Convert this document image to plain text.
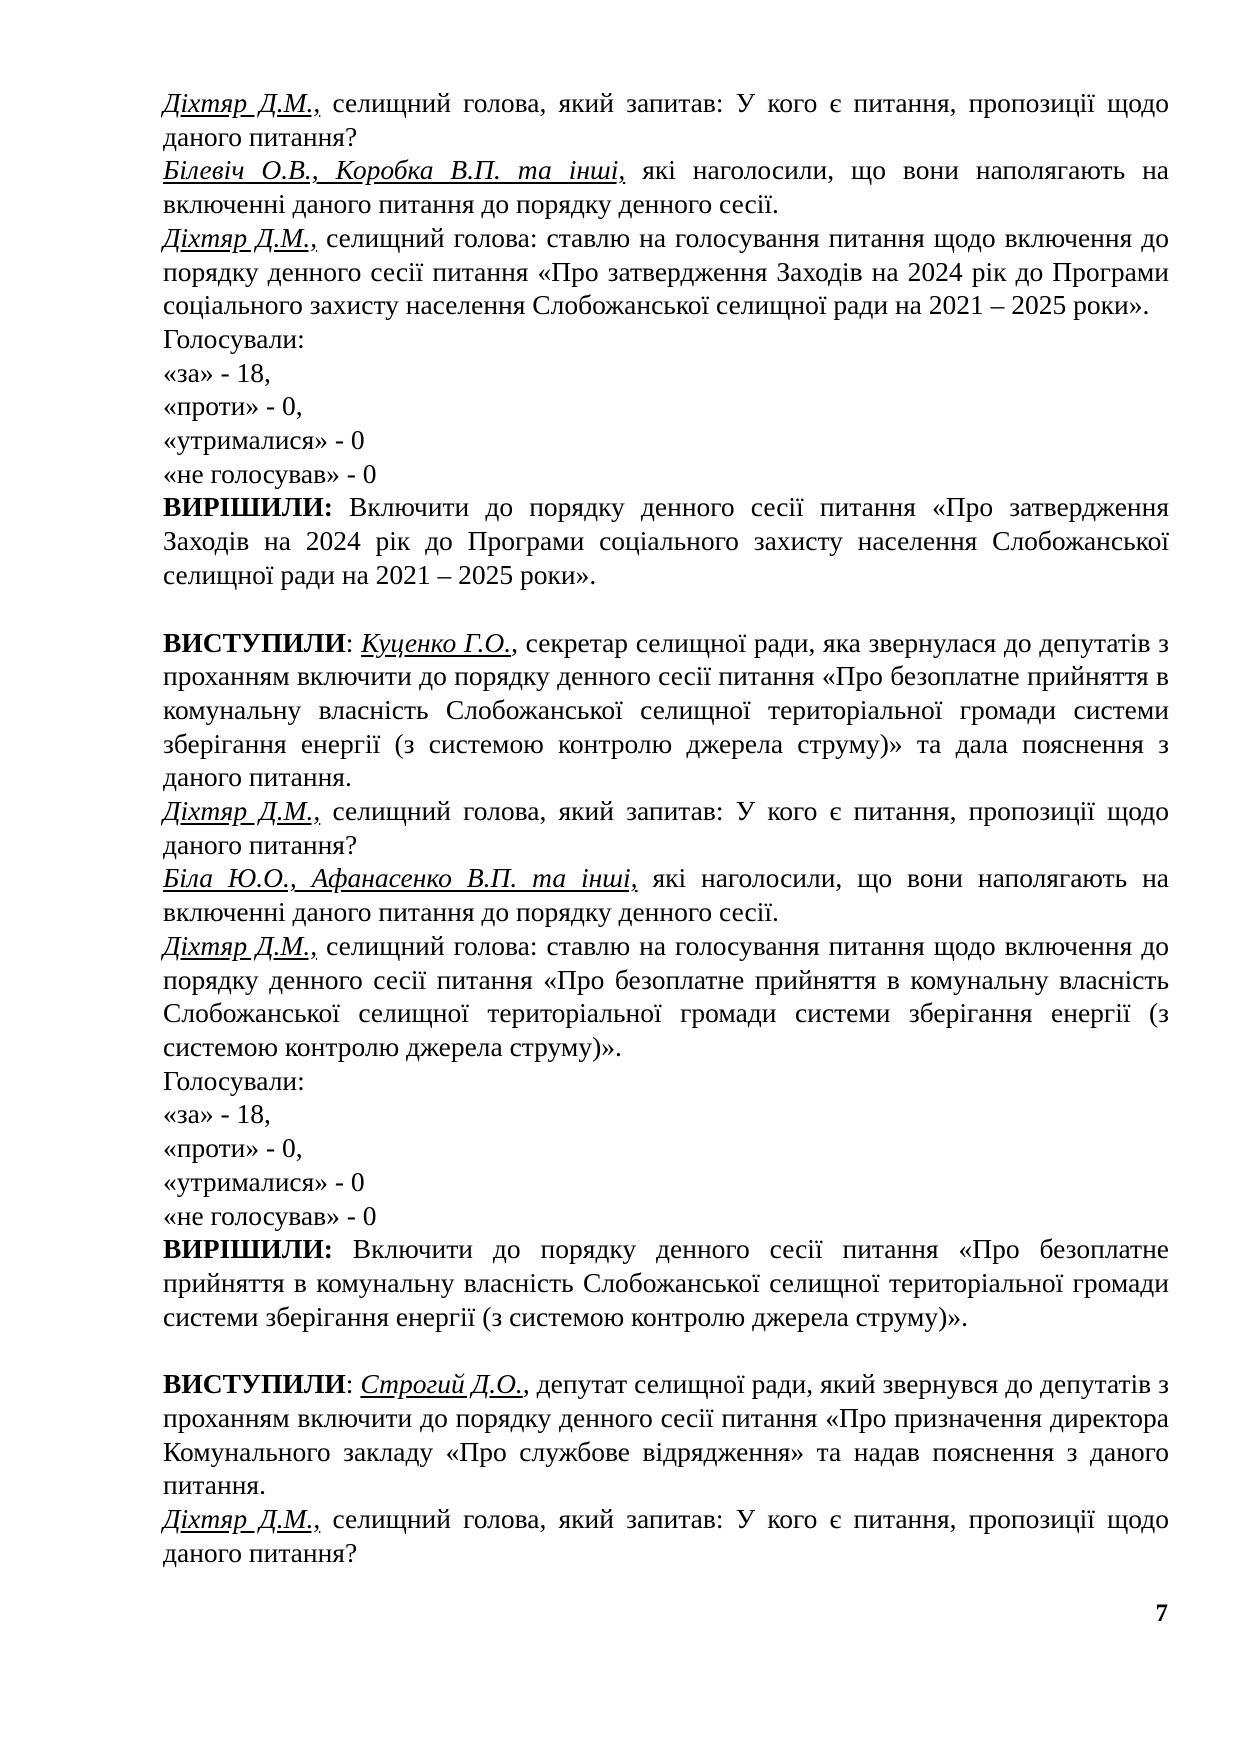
Діхтяр Д.М., селищний голова, який запитав: У кого є питання, пропозиції щодо даного питання?

Білевіч О.В., Коробка В.П. та інші, які наголосили, що вони наполягають на включенні даного питання до порядку денного сесії.

Діхтяр Д.М., селищний голова: ставлю на голосування питання щодо включення до порядку денного сесії питання «Про затвердження Заходів на 2024 рік до Програми соціального захисту населення Слобожанської селищної ради на 2021 – 2025 роки».

Голосували:

«за» - 18,

«проти» - 0,

«утрималися» - 0

«не голосував» - 0

ВИРІШИЛИ: Включити до порядку денного сесії питання «Про затвердження Заходів на 2024 рік до Програми соціального захисту населення Слобожанської селищної ради на 2021 – 2025 роки».

ВИСТУПИЛИ: Куценко Г.О., секретар селищної ради, яка звернулася до депутатів з проханням включити до порядку денного сесії питання «Про безоплатне прийняття в комунальну власність Слобожанської селищної територіальної громади системи зберігання енергії (з системою контролю джерела струму)» та дала пояснення з даного питання.

Діхтяр Д.М., селищний голова, який запитав: У кого є питання, пропозиції щодо даного питання?

Біла Ю.О., Афанасенко В.П. та інші, які наголосили, що вони наполягають на включенні даного питання до порядку денного сесії.

Діхтяр Д.М., селищний голова: ставлю на голосування питання щодо включення до порядку денного сесії питання «Про безоплатне прийняття в комунальну власність Слобожанської селищної територіальної громади системи зберігання енергії (з системою контролю джерела струму)».

Голосували:

«за» - 18,

«проти» - 0,

«утрималися» - 0

«не голосував» - 0

ВИРІШИЛИ: Включити до порядку денного сесії питання «Про безоплатне прийняття в комунальну власність Слобожанської селищної територіальної громади системи зберігання енергії (з системою контролю джерела струму)».

ВИСТУПИЛИ: Строгий Д.О., депутат селищної ради, який звернувся до депутатів з проханням включити до порядку денного сесії питання «Про призначення директора Комунального закладу «Про службове відрядження» та надав пояснення з даного питання.

Діхтяр Д.М., селищний голова, який запитав: У кого є питання, пропозиції щодо даного питання?

7
